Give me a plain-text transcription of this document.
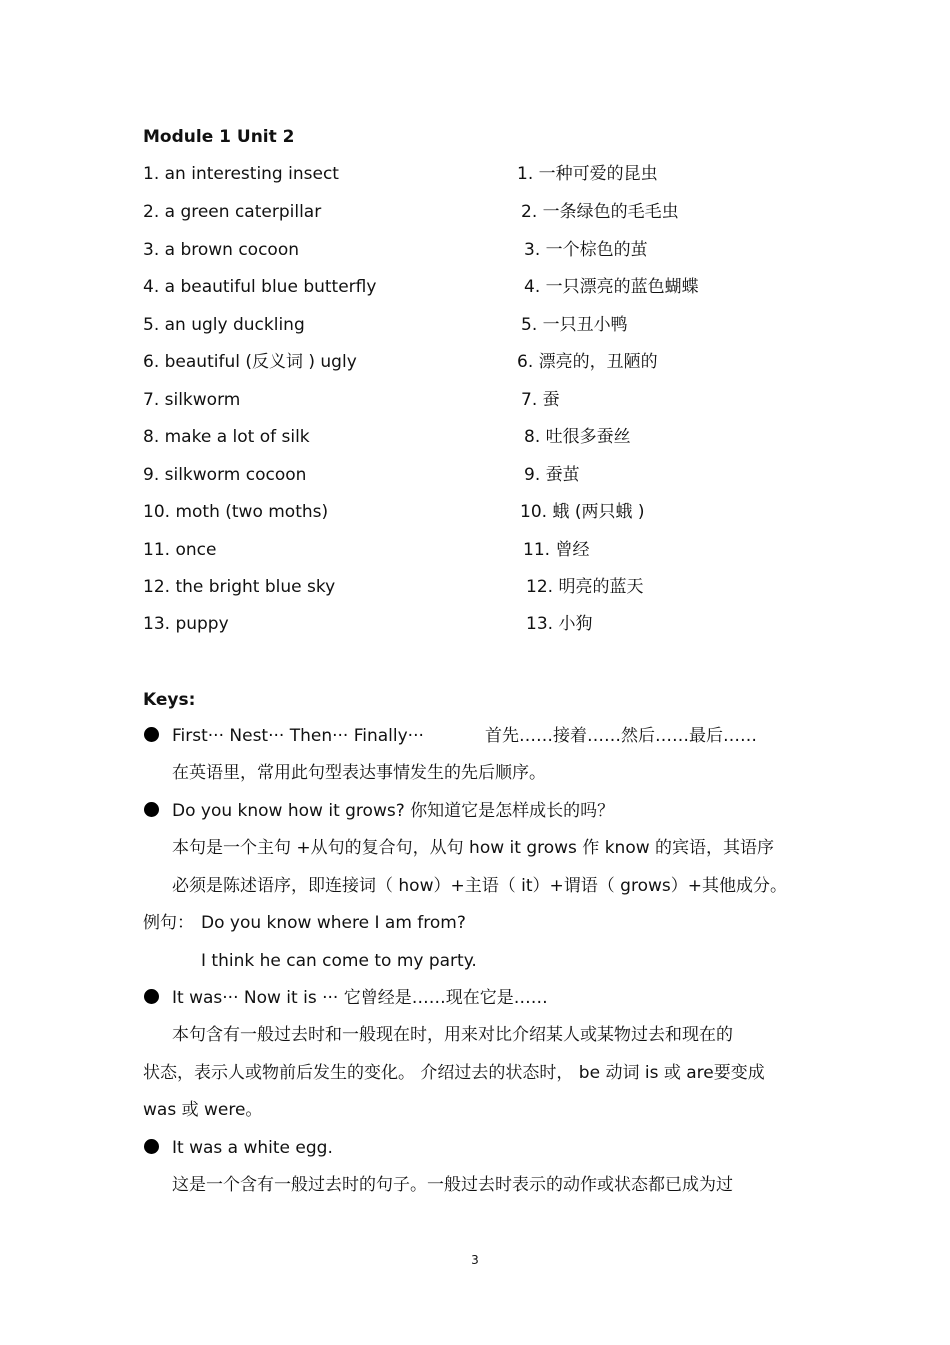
Module 1 Unit 2
1. an interesting insect	1. 一种可爱的昆虫
2. a green caterpillar	2. 一条绿色的毛毛虫
3. a brown cocoon	3. 一个棕色的茧
4. a beautiful blue butterfly	4. 一只漂亮的蓝色蝴蝶
5. an ugly duckling	5. 一只丑小鸭
6. beautiful (反义词 ) ugly	6. 漂亮的，丑陋的
7. silkworm	7. 蚕
8. make a lot of silk	8. 吐很多蚕丝
9. silkworm cocoon	9. 蚕茧
10. moth (two moths)	10. 蛾 (两只蛾 )
11. once	11. 曾经
12. the bright blue sky	12. 明亮的蓝天
13. puppy	13. 小狗
Keys:
First··· Nest··· Then··· Finally···	首先……接着……然后……最后……
在英语里，常用此句型表达事情发生的先后顺序。
Do you know how it grows? 你知道它是怎样成长的吗？
本句是一个主句 +从句的复合句，从句 how it grows 作 know 的宾语，其语序
必须是陈述语序，即连接词（ how）+主语（ it）+谓语（ grows）+其他成分。
例句： Do you know where I am from?
I think he can come to my party.
It was··· Now it is ··· 它曾经是……现在它是……
本句含有一般过去时和一般现在时，用来对比介绍某人或某物过去和现在的
状态，表示人或物前后发生的变化。 介绍过去的状态时， be 动词 is 或 are要变成
was 或 were。
It was a white egg.
这是一个含有一般过去时的句子。一般过去时表示的动作或状态都已成为过
3
